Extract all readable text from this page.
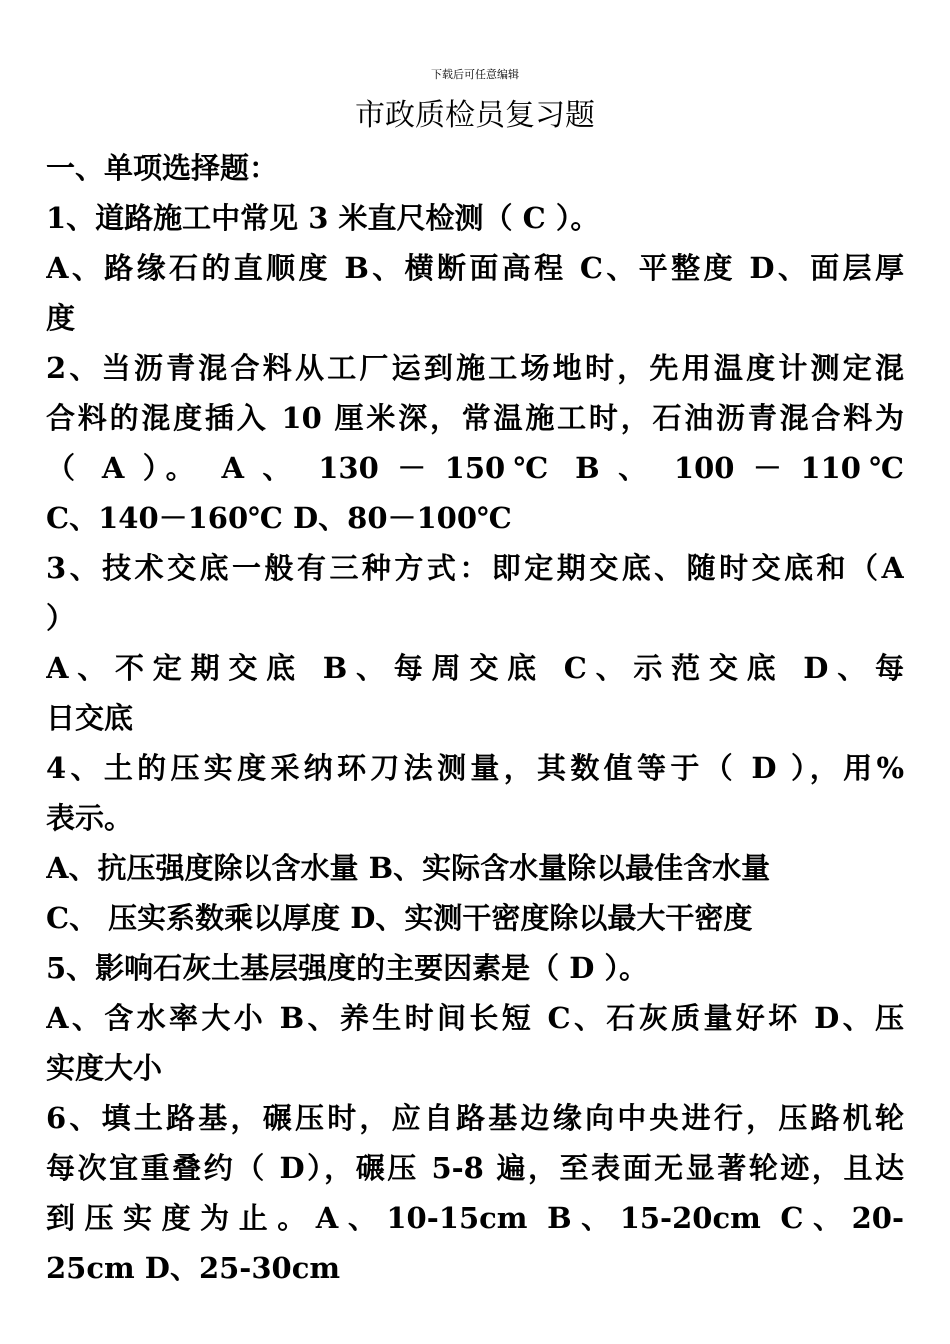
下载后可任意编辑
市政质检员复习题
一、单项选择题：
1、道路施工中常见 3 米直尺检测（ C ）。
A、路缘石的直顺度 B、横断面高程 C、平整度 D、面层厚
度
2、当沥青混合料从工厂运到施工场地时，先用温度计测定混
合料的混度插入 10 厘米深，常温施工时，石油沥青混合料为
（ A ）。 A 、 130 － 150℃ B 、 100 － 110℃
C、140－160℃ D、80－100℃
3、技术交底一般有三种方式：即定期交底、随时交底和（A
）
A、不定期交底 B、每周交底 C、示范交底 D、每
日交底
4、土的压实度采纳环刀法测量，其数值等于（ D ），用%
表示。
A、抗压强度除以含水量 B、实际含水量除以最佳含水量
C、 压实系数乘以厚度 D、实测干密度除以最大干密度
5、影响石灰土基层强度的主要因素是（ D ）。
A、含水率大小 B、养生时间长短 C、石灰质量好坏 D、压
实度大小
6、填土路基，碾压时，应自路基边缘向中央进行，压路机轮
每次宜重叠约（ D），碾压 5-8 遍，至表面无显著轮迹，且达
到压实度为止。A、10-15cm B、15-20cm C、20-
25cm D、25-30cm
